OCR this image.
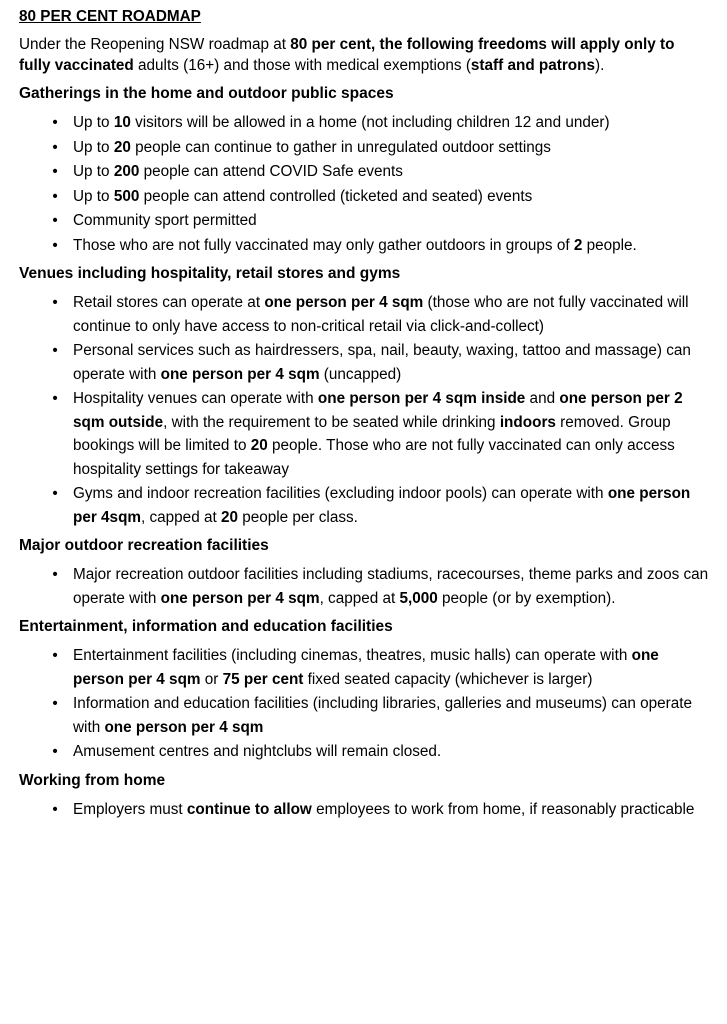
80 PER CENT ROADMAP

Under the Reopening NSW roadmap at 80 per cent, the following freedoms will apply only to fully vaccinated adults (16+) and those with medical exemptions (staff and patrons).

Gatherings in the home and outdoor public spaces
• Up to 10 visitors will be allowed in a home (not including children 12 and under)
• Up to 20 people can continue to gather in unregulated outdoor settings
• Up to 200 people can attend COVID Safe events
• Up to 500 people can attend controlled (ticketed and seated) events
• Community sport permitted
• Those who are not fully vaccinated may only gather outdoors in groups of 2 people.
Venues including hospitality, retail stores and gyms
• Retail stores can operate at one person per 4 sqm (those who are not fully vaccinated will continue to only have access to non-critical retail via click-and-collect)
• Personal services such as hairdressers, spa, nail, beauty, waxing, tattoo and massage) can operate with one person per 4 sqm (uncapped)
• Hospitality venues can operate with one person per 4 sqm inside and one person per 2 sqm outside, with the requirement to be seated while drinking indoors removed. Group bookings will be limited to 20 people. Those who are not fully vaccinated can only access hospitality settings for takeaway
• Gyms and indoor recreation facilities (excluding indoor pools) can operate with one person per 4sqm, capped at 20 people per class.
Major outdoor recreation facilities
• Major recreation outdoor facilities including stadiums, racecourses, theme parks and zoos can operate with one person per 4 sqm, capped at 5,000 people (or by exemption).
Entertainment, information and education facilities
• Entertainment facilities (including cinemas, theatres, music halls) can operate with one person per 4 sqm or 75 per cent fixed seated capacity (whichever is larger)
• Information and education facilities (including libraries, galleries and museums) can operate with one person per 4 sqm
• Amusement centres and nightclubs will remain closed.
Working from home
• Employers must continue to allow employees to work from home, if reasonably practicable
